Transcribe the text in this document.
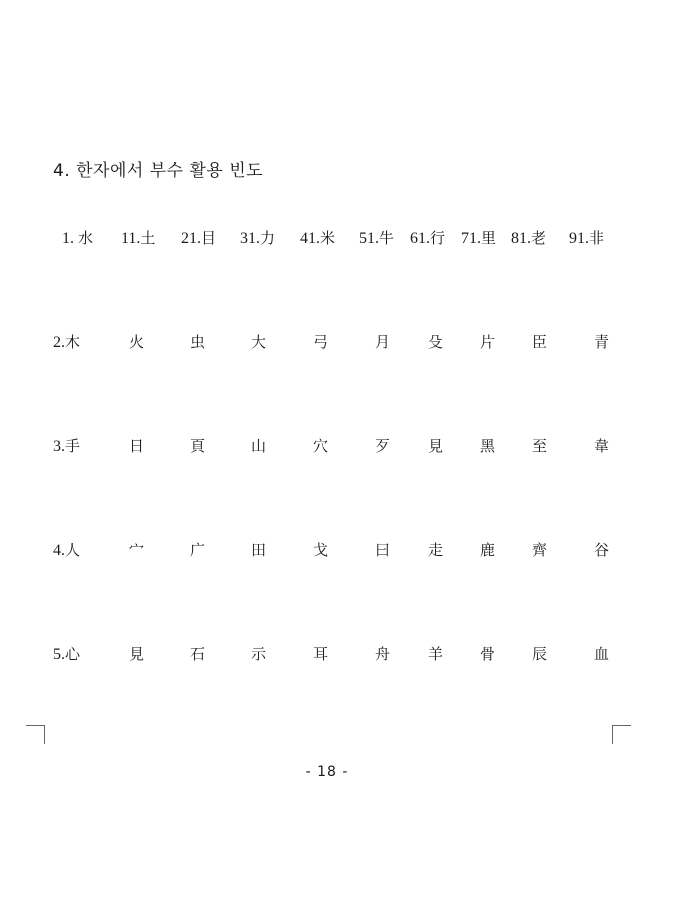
4. 한자에서 부수 활용 빈도
1. 水 11.土 21.目 31.力 41.米 51.牛 61.行 71.里 81.老 91.非
2.木	火	虫	大	弓	月	殳 片 臣	青
3.手	日	頁	山	穴	歹	見 黑 至	韋
4.人	宀	广	田	戈	曰	走 鹿 齊	谷
5.心	見	石	示	耳	舟	羊 骨 辰	血
- 18 -
